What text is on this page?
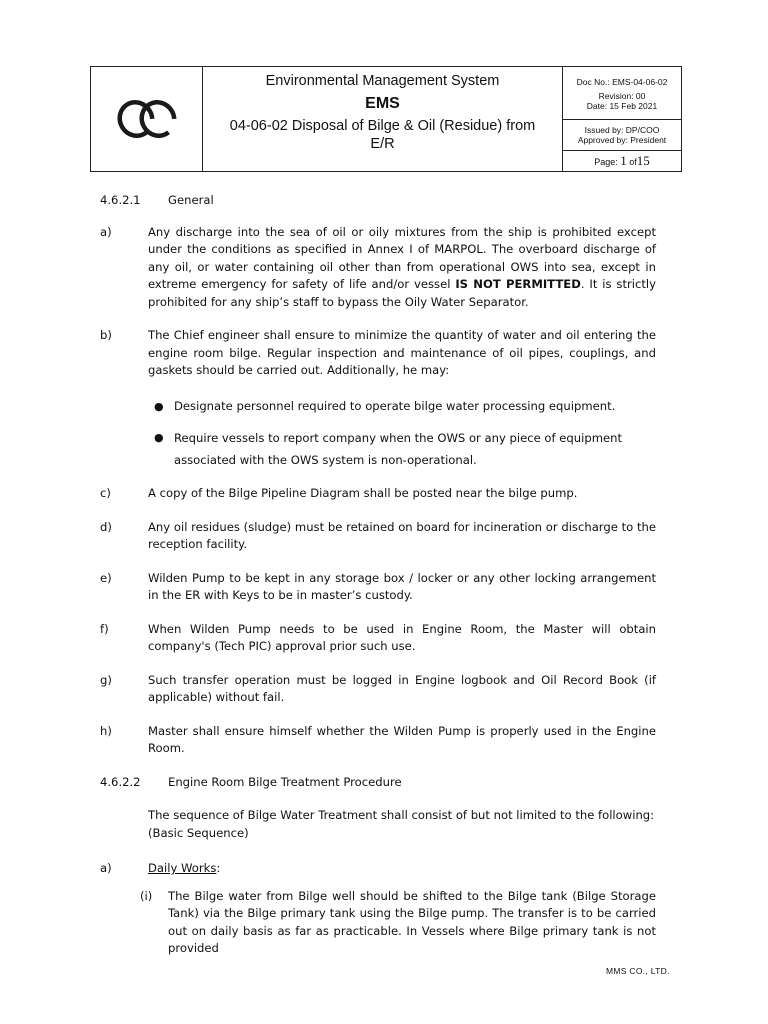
Environmental Management System
EMS
04-06-02 Disposal of Bilge & Oil (Residue) from E/R
Doc No.: EMS-04-06-02
Revision: 00
Date: 15 Feb 2021
Issued by: DP/COO
Approved by: President
Page: 1 of15
4.6.2.1	General
a)	Any discharge into the sea of oil or oily mixtures from the ship is prohibited except under the conditions as specified in Annex I of MARPOL. The overboard discharge of any oil, or water containing oil other than from operational OWS into sea, except in extreme emergency for safety of life and/or vessel IS NOT PERMITTED. It is strictly prohibited for any ship’s staff to bypass the Oily Water Separator.
b)	The Chief engineer shall ensure to minimize the quantity of water and oil entering the engine room bilge. Regular inspection and maintenance of oil pipes, couplings, and gaskets should be carried out. Additionally, he may:
● Designate personnel required to operate bilge water processing equipment.
● Require vessels to report company when the OWS or any piece of equipment associated with the OWS system is non-operational.
c)	A copy of the Bilge Pipeline Diagram shall be posted near the bilge pump.
d)	Any oil residues (sludge) must be retained on board for incineration or discharge to the reception facility.
e)	Wilden Pump to be kept in any storage box / locker or any other locking arrangement in the ER with Keys to be in master’s custody.
f)	When Wilden Pump needs to be used in Engine Room, the Master will obtain company's (Tech PIC) approval prior such use.
g)	Such transfer operation must be logged in Engine logbook and Oil Record Book (if applicable) without fail.
h)	Master shall ensure himself whether the Wilden Pump is properly used in the Engine Room.
4.6.2.2	Engine Room Bilge Treatment Procedure
The sequence of Bilge Water Treatment shall consist of but not limited to the following: (Basic Sequence)
a)	Daily Works:
(i)	The Bilge water from Bilge well should be shifted to the Bilge tank (Bilge Storage Tank) via the Bilge primary tank using the Bilge pump. The transfer is to be carried out on daily basis as far as practicable. In Vessels where Bilge primary tank is not provided
MMS CO., LTD.
